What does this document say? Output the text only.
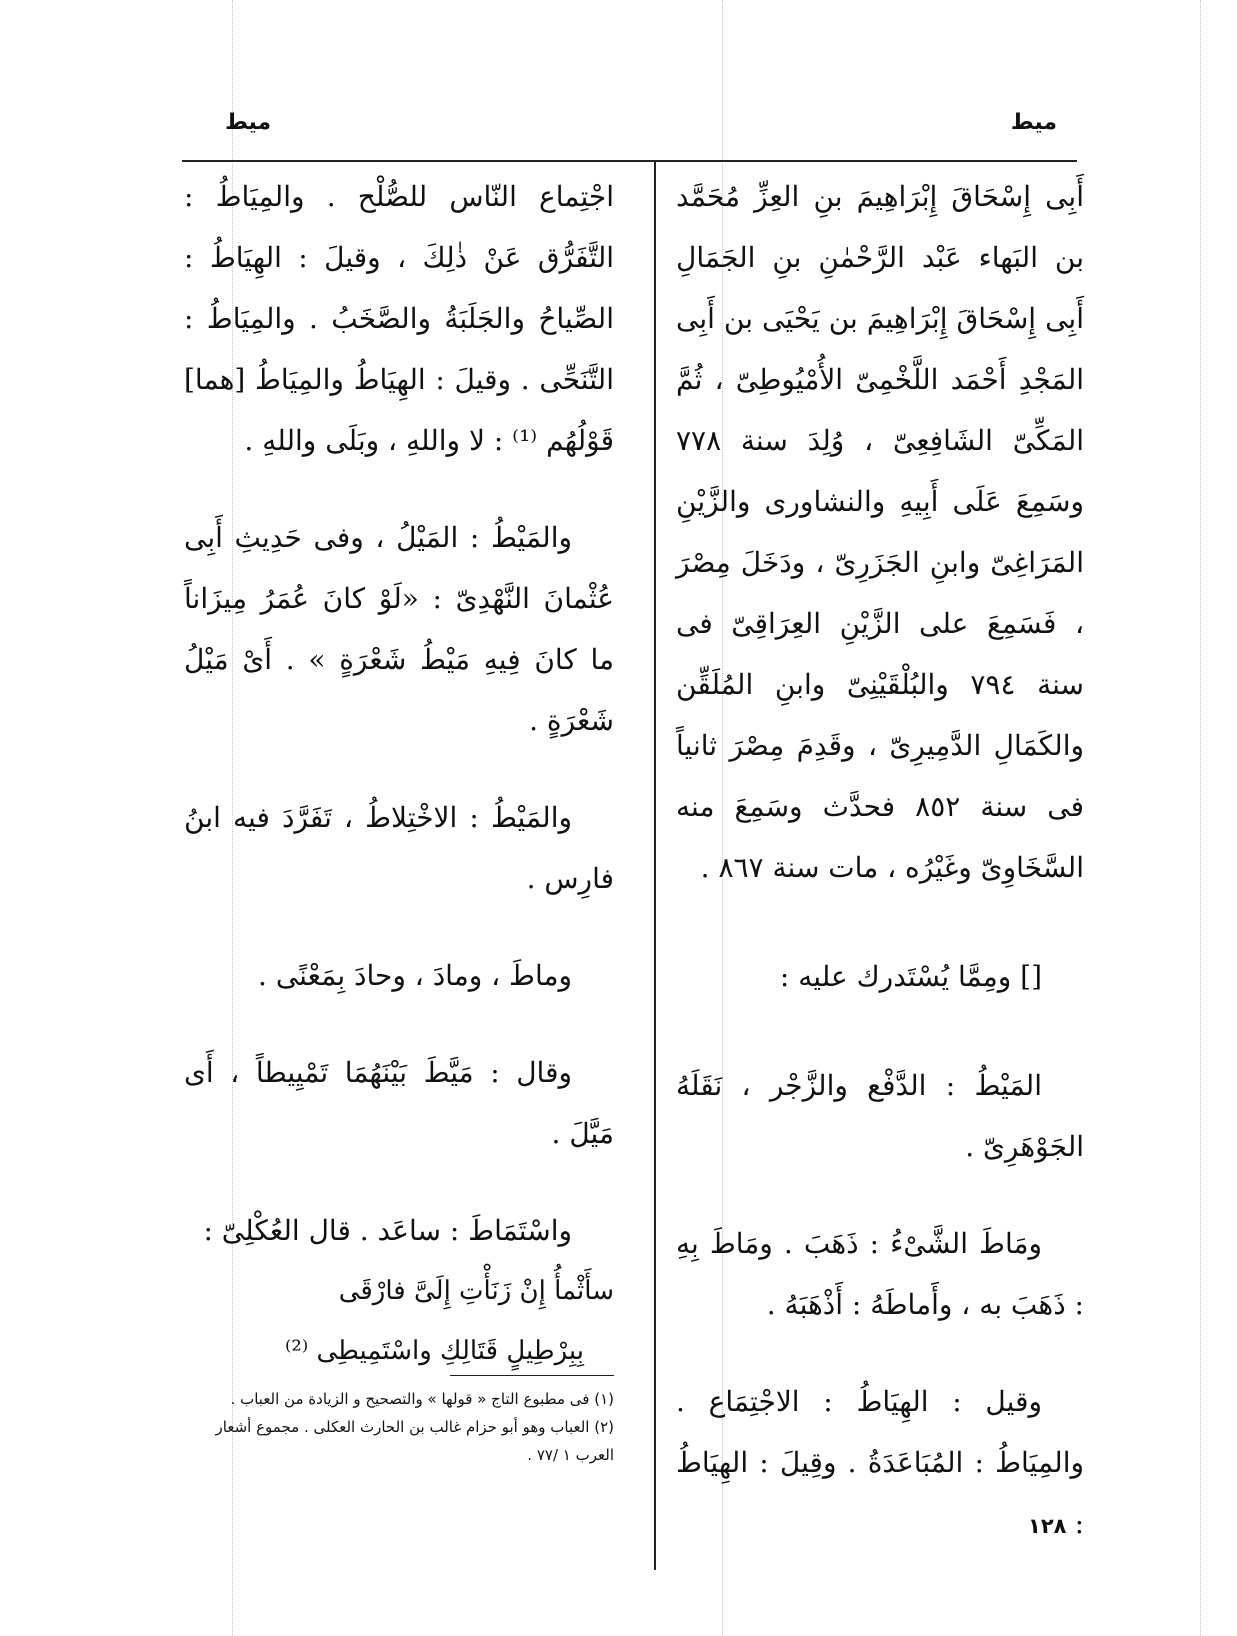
ميط
ميط

أَبِى إِسْحَاقَ إِبْرَاهِيمَ بنِ العِزِّ مُحَمَّد بن البَهاء عَبْد الرَّحْمٰنِ بنِ الجَمَالِ أَبِى إِسْحَاقَ إِبْرَاهِيمَ بن يَحْيَى بن أَبِى المَجْدِ أَحْمَد اللَّخْمِىّ الأُمْيُوطِىّ ، ثُمَّ المَكِّىّ الشَافِعِىّ ، وُلِدَ سنة ٧٧٨ وسَمِعَ عَلَى أَبِيهِ والنشاورى والزَّيْنِ المَرَاغِىّ وابنِ الجَزَرِىّ ، ودَخَلَ مِصْرَ ، فَسَمِعَ على الزَّيْنِ العِرَاقِىّ فى سنة ٧٩٤ والبُلْقَيْنِىّ وابنِ المُلَقِّن والكَمَالِ الدَّمِيرِىّ ، وقَدِمَ مِصْرَ ثانياً فى سنة ٨٥٢ فحدَّث وسَمِعَ منه السَّخَاوِىّ وغَيْرُه ، مات سنة ٨٦٧ .

[] ومِمَّا يُسْتَدرك عليه :

المَيْطُ : الدَّفْع والزَّجْر ، نَقَلَهُ الجَوْهَرِىّ .

ومَاطَ الشَّىْءُ : ذَهَبَ . ومَاطَ بِهِ : ذَهَبَ به ، وأَماطَهُ : أَذْهَبَهُ .

وقيل : الهِيَاطُ : الاجْتِمَاع . والمِيَاطُ : المُبَاعَدَةُ . وقِيلَ : الهِيَاطُ :

اجْتِماع النّاس للصُّلْح . والمِيَاطُ : التَّفَرُّق عَنْ ذٰلِكَ ، وقيلَ : الهِيَاطُ : الصِّياحُ والجَلَبَةُ والصَّخَبُ . والمِيَاطُ : التَّنَحِّى . وقيلَ : الهِيَاطُ والمِيَاطُ [هما] قَوْلُهُم ⁽¹⁾ : لا واللهِ ، وبَلَى واللهِ .

والمَيْطُ : المَيْلُ ، وفى حَدِيثِ أَبِى عُثْمانَ النَّهْدِىّ : «لَوْ كانَ عُمَرُ مِيزَاناً ما كانَ فِيهِ مَيْطُ شَعْرَةٍ » . أَىْ مَيْلُ شَعْرَةٍ .

والمَيْطُ : الاخْتِلاطُ ، تَفَرَّدَ فيه ابنُ فارِس .

وماطَ ، ومادَ ، وحادَ بِمَعْنًى .

وقال : مَيَّطَ بَيْنَهُمَا تَمْيِيطاً ، أَى مَيَّلَ .

واسْتَمَاطَ : ساعَد . قال العُكْلِىّ :

سأَثْمأُ إِنْ زَنَأْتِ إِلَىَّ فارْقَى

بِبِرْطِيلٍ قَتَالِكِ واسْتَمِيطِى ⁽²⁾

(١) فى مطبوع التاج « قولها » والتصحيح و الزيادة من العباب .

(٢) العباب وهو أبو حزام غالب بن الحارث العكلى . مجموع أشعار العرب ١ /٧٧ .

١٢٨
